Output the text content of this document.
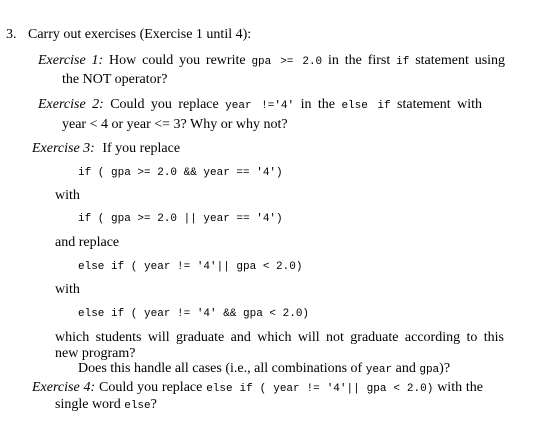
3. Carry out exercises (Exercise 1 until 4):
Exercise 1: How could you rewrite gpa >= 2.0 in the first if statement using
the NOT operator?
Exercise 2: Could you replace year !='4' in the else if statement with
year < 4 or year <= 3? Why or why not?
Exercise 3: If you replace
if ( gpa >= 2.0 && year == '4')
with
if ( gpa >= 2.0 || year == '4')
and replace
else if ( year != '4'|| gpa < 2.0)
with
else if ( year != '4' && gpa < 2.0)
which students will graduate and which will not graduate according to this
new program?
Does this handle all cases (i.e., all combinations of year and gpa)?
Exercise 4: Could you replace else if ( year != '4'|| gpa < 2.0) with the
single word else?
